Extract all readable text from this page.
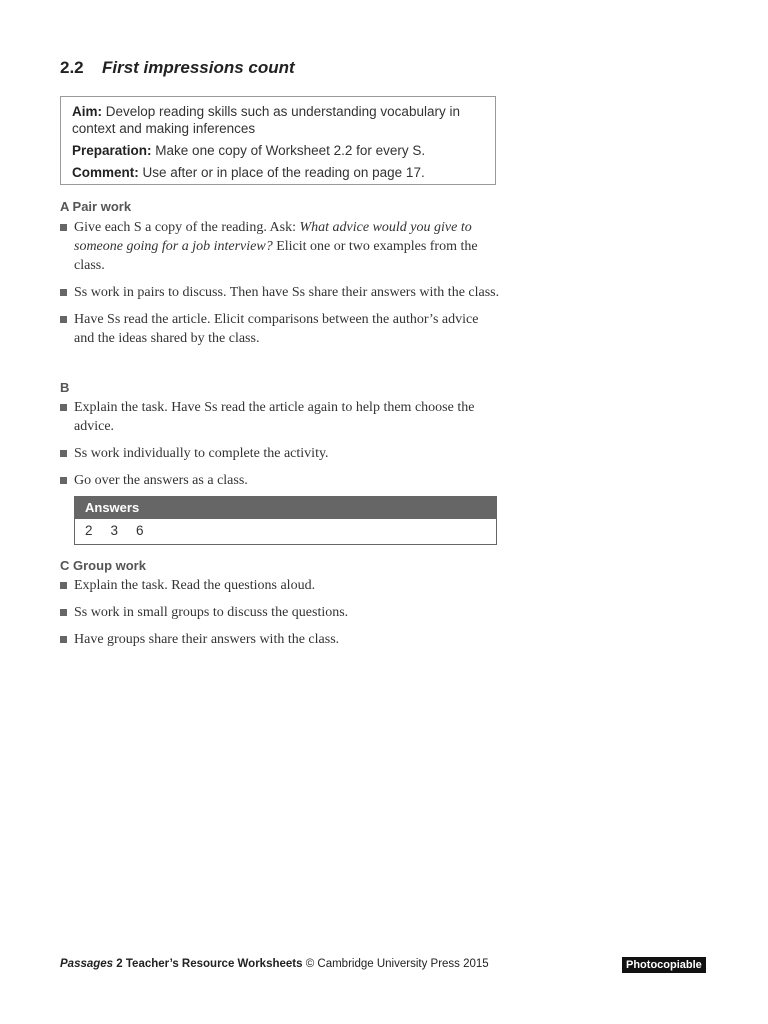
2.2 First impressions count

Aim: Develop reading skills such as understanding vocabulary in context and making inferences

Preparation: Make one copy of Worksheet 2.2 for every S.

Comment: Use after or in place of the reading on page 17.

A Pair work
Give each S a copy of the reading. Ask: What advice would you give to someone going for a job interview? Elicit one or two examples from the class.
Ss work in pairs to discuss. Then have Ss share their answers with the class.
Have Ss read the article. Elicit comparisons between the author’s advice and the ideas shared by the class.
B
Explain the task. Have Ss read the article again to help them choose the advice.
Ss work individually to complete the activity.
Go over the answers as a class.
Answers
2 3 6
C Group work
Explain the task. Read the questions aloud.
Ss work in small groups to discuss the questions.
Have groups share their answers with the class.
Passages 2 Teacher’s Resource Worksheets © Cambridge University Press 2015	Photocopiable
